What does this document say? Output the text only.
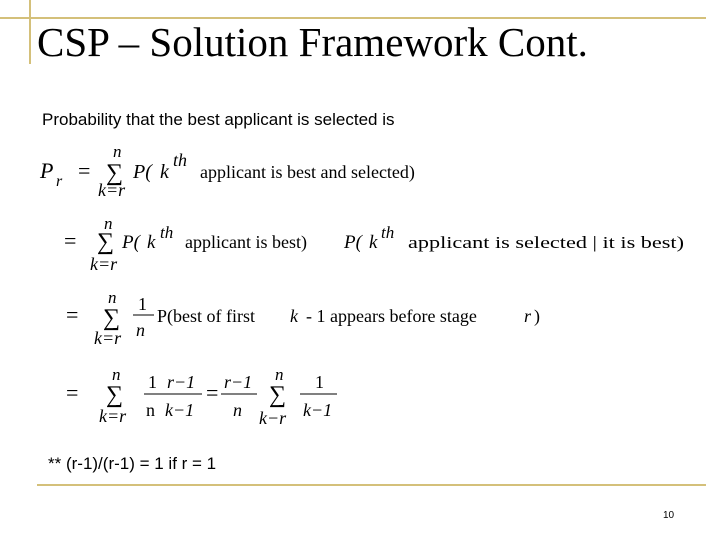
CSP – Solution Framework Cont.
Probability that the best applicant is selected is
P r =
n
∑
k=r
P( k
th
applicant is best and selected)
=
n
∑
k=r
P( k th applicant is best) P( k th
applicant is selected | it is best)
=
n
∑
k=r
1
n
P(best of first k - 1 appears before stage	r )
=
n
∑
k=r
1 r−1
n k−1
= r−1
n
n
∑
k−r
1
k−1
** (r-1)/(r-1) = 1 if r = 1
10
